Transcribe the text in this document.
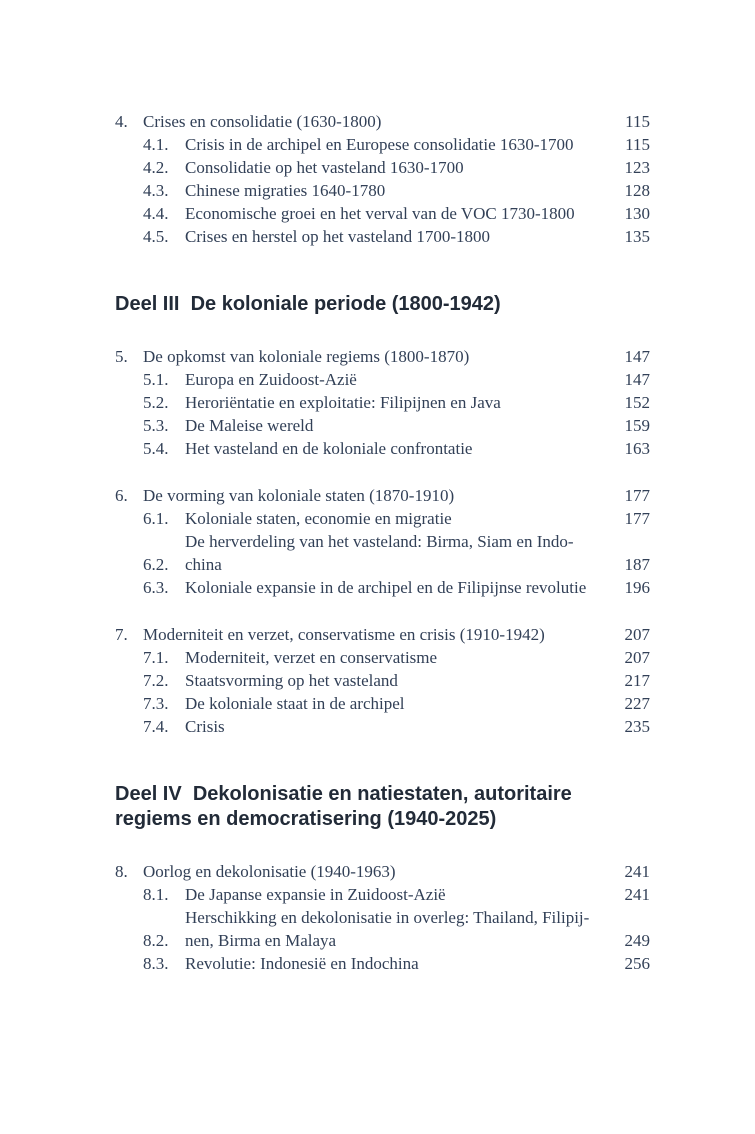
4. Crises en consolidatie (1630-1800)	115
4.1. Crisis in de archipel en Europese consolidatie 1630-1700	115
4.2. Consolidatie op het vasteland 1630-1700	123
4.3. Chinese migraties 1640-1780	128
4.4. Economische groei en het verval van de VOC 1730-1800	130
4.5. Crises en herstel op het vasteland 1700-1800	135
Deel III  De koloniale periode (1800-1942)
5. De opkomst van koloniale regiems (1800-1870)	147
5.1. Europa en Zuidoost-Azië	147
5.2. Heroriëntatie en exploitatie: Filipijnen en Java	152
5.3. De Maleise wereld	159
5.4. Het vasteland en de koloniale confrontatie	163
6. De vorming van koloniale staten (1870-1910)	177
6.1. Koloniale staten, economie en migratie	177
6.2.
De herverdeling van het vasteland: Birma, Siam en Indo-
china	187
6.3. Koloniale expansie in de archipel en de Filipijnse revolutie	196
7. Moderniteit en verzet, conservatisme en crisis (1910-1942)	207
7.1. Moderniteit, verzet en conservatisme	207
7.2. Staatsvorming op het vasteland	217
7.3. De koloniale staat in de archipel	227
7.4. Crisis	235
Deel IV  Dekolonisatie en natiestaten, autoritaire
regiems en democratisering (1940-2025)
8. Oorlog en dekolonisatie (1940-1963)	241
8.1. De Japanse expansie in Zuidoost-Azië	241
8.2.
Herschikking en dekolonisatie in overleg: Thailand, Filipij-
nen, Birma en Malaya	249
8.3. Revolutie: Indonesië en Indochina	256
